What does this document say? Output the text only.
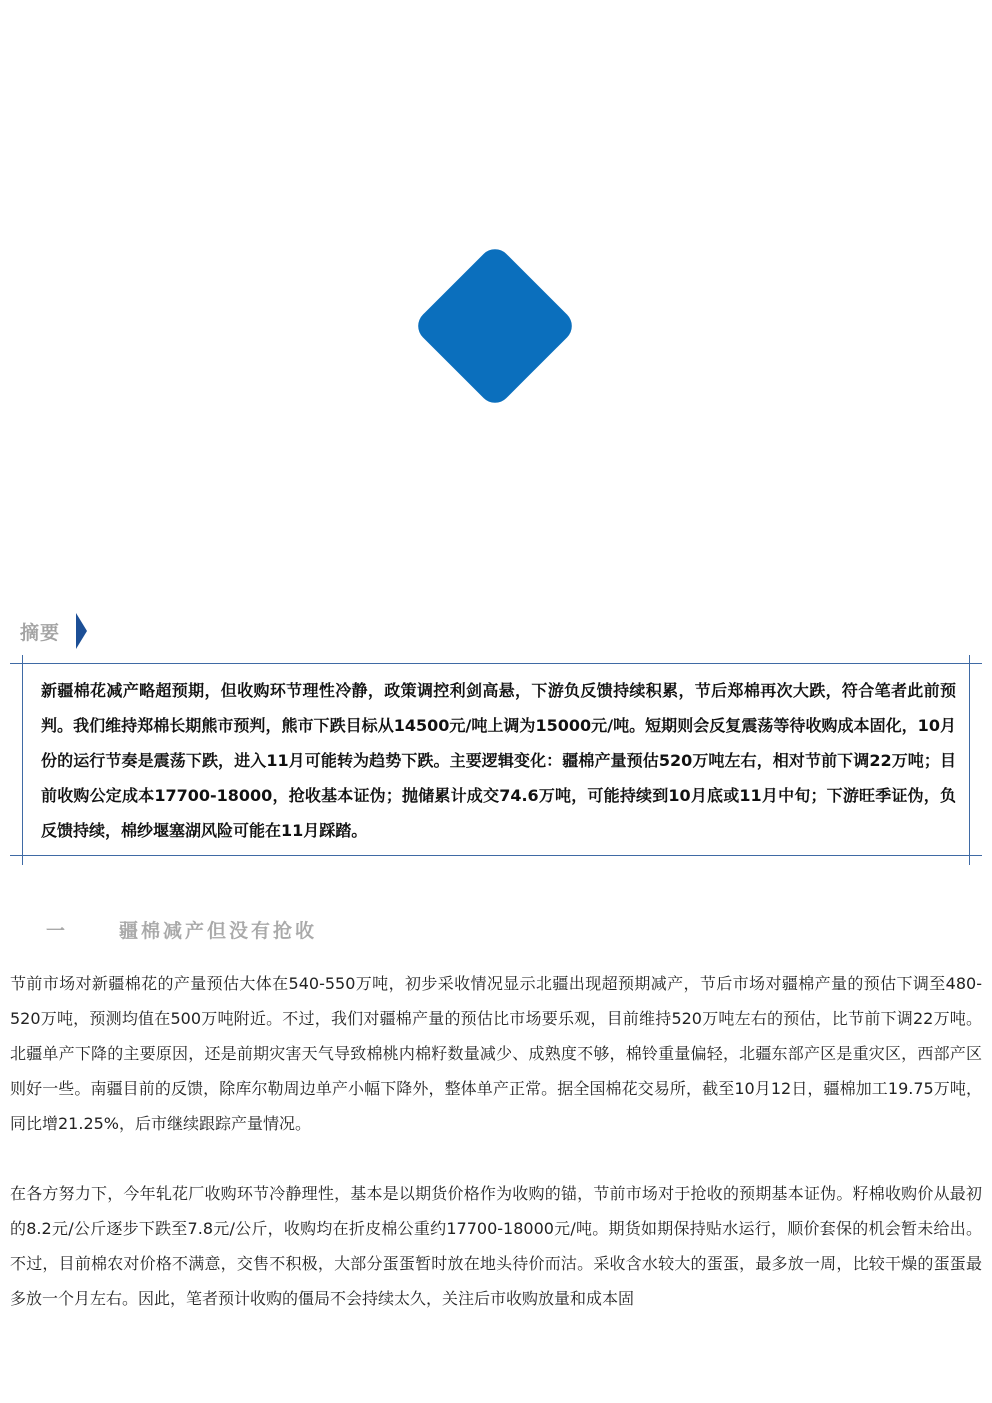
摘要

新疆棉花减产略超预期，但收购环节理性冷静，政策调控利剑高悬，下游负反馈持续积累，节后郑棉再次大跌，符合笔者此前预判。我们维持郑棉长期熊市预判，熊市下跌目标从14500元/吨上调为15000元/吨。短期则会反复震荡等待收购成本固化，10月份的运行节奏是震荡下跌，进入11月可能转为趋势下跌。主要逻辑变化：疆棉产量预估520万吨左右，相对节前下调22万吨；目前收购公定成本17700-18000，抢收基本证伪；抛储累计成交74.6万吨，可能持续到10月底或11月中旬；下游旺季证伪，负反馈持续，棉纱堰塞湖风险可能在11月踩踏。

一	疆棉减产但没有抢收

节前市场对新疆棉花的产量预估大体在540-550万吨，初步采收情况显示北疆出现超预期减产，节后市场对疆棉产量的预估下调至480-520万吨，预测均值在500万吨附近。不过，我们对疆棉产量的预估比市场要乐观，目前维持520万吨左右的预估，比节前下调22万吨。北疆单产下降的主要原因，还是前期灾害天气导致棉桃内棉籽数量减少、成熟度不够，棉铃重量偏轻，北疆东部产区是重灾区，西部产区则好一些。南疆目前的反馈，除库尔勒周边单产小幅下降外，整体单产正常。据全国棉花交易所，截至10月12日，疆棉加工19.75万吨，同比增21.25%，后市继续跟踪产量情况。

在各方努力下，今年轧花厂收购环节冷静理性，基本是以期货价格作为收购的锚，节前市场对于抢收的预期基本证伪。籽棉收购价从最初的8.2元/公斤逐步下跌至7.8元/公斤，收购均在折皮棉公重约17700-18000元/吨。期货如期保持贴水运行，顺价套保的机会暂未给出。不过，目前棉农对价格不满意，交售不积极，大部分蛋蛋暂时放在地头待价而沽。采收含水较大的蛋蛋，最多放一周，比较干燥的蛋蛋最多放一个月左右。因此，笔者预计收购的僵局不会持续太久，关注后市收购放量和成本固
